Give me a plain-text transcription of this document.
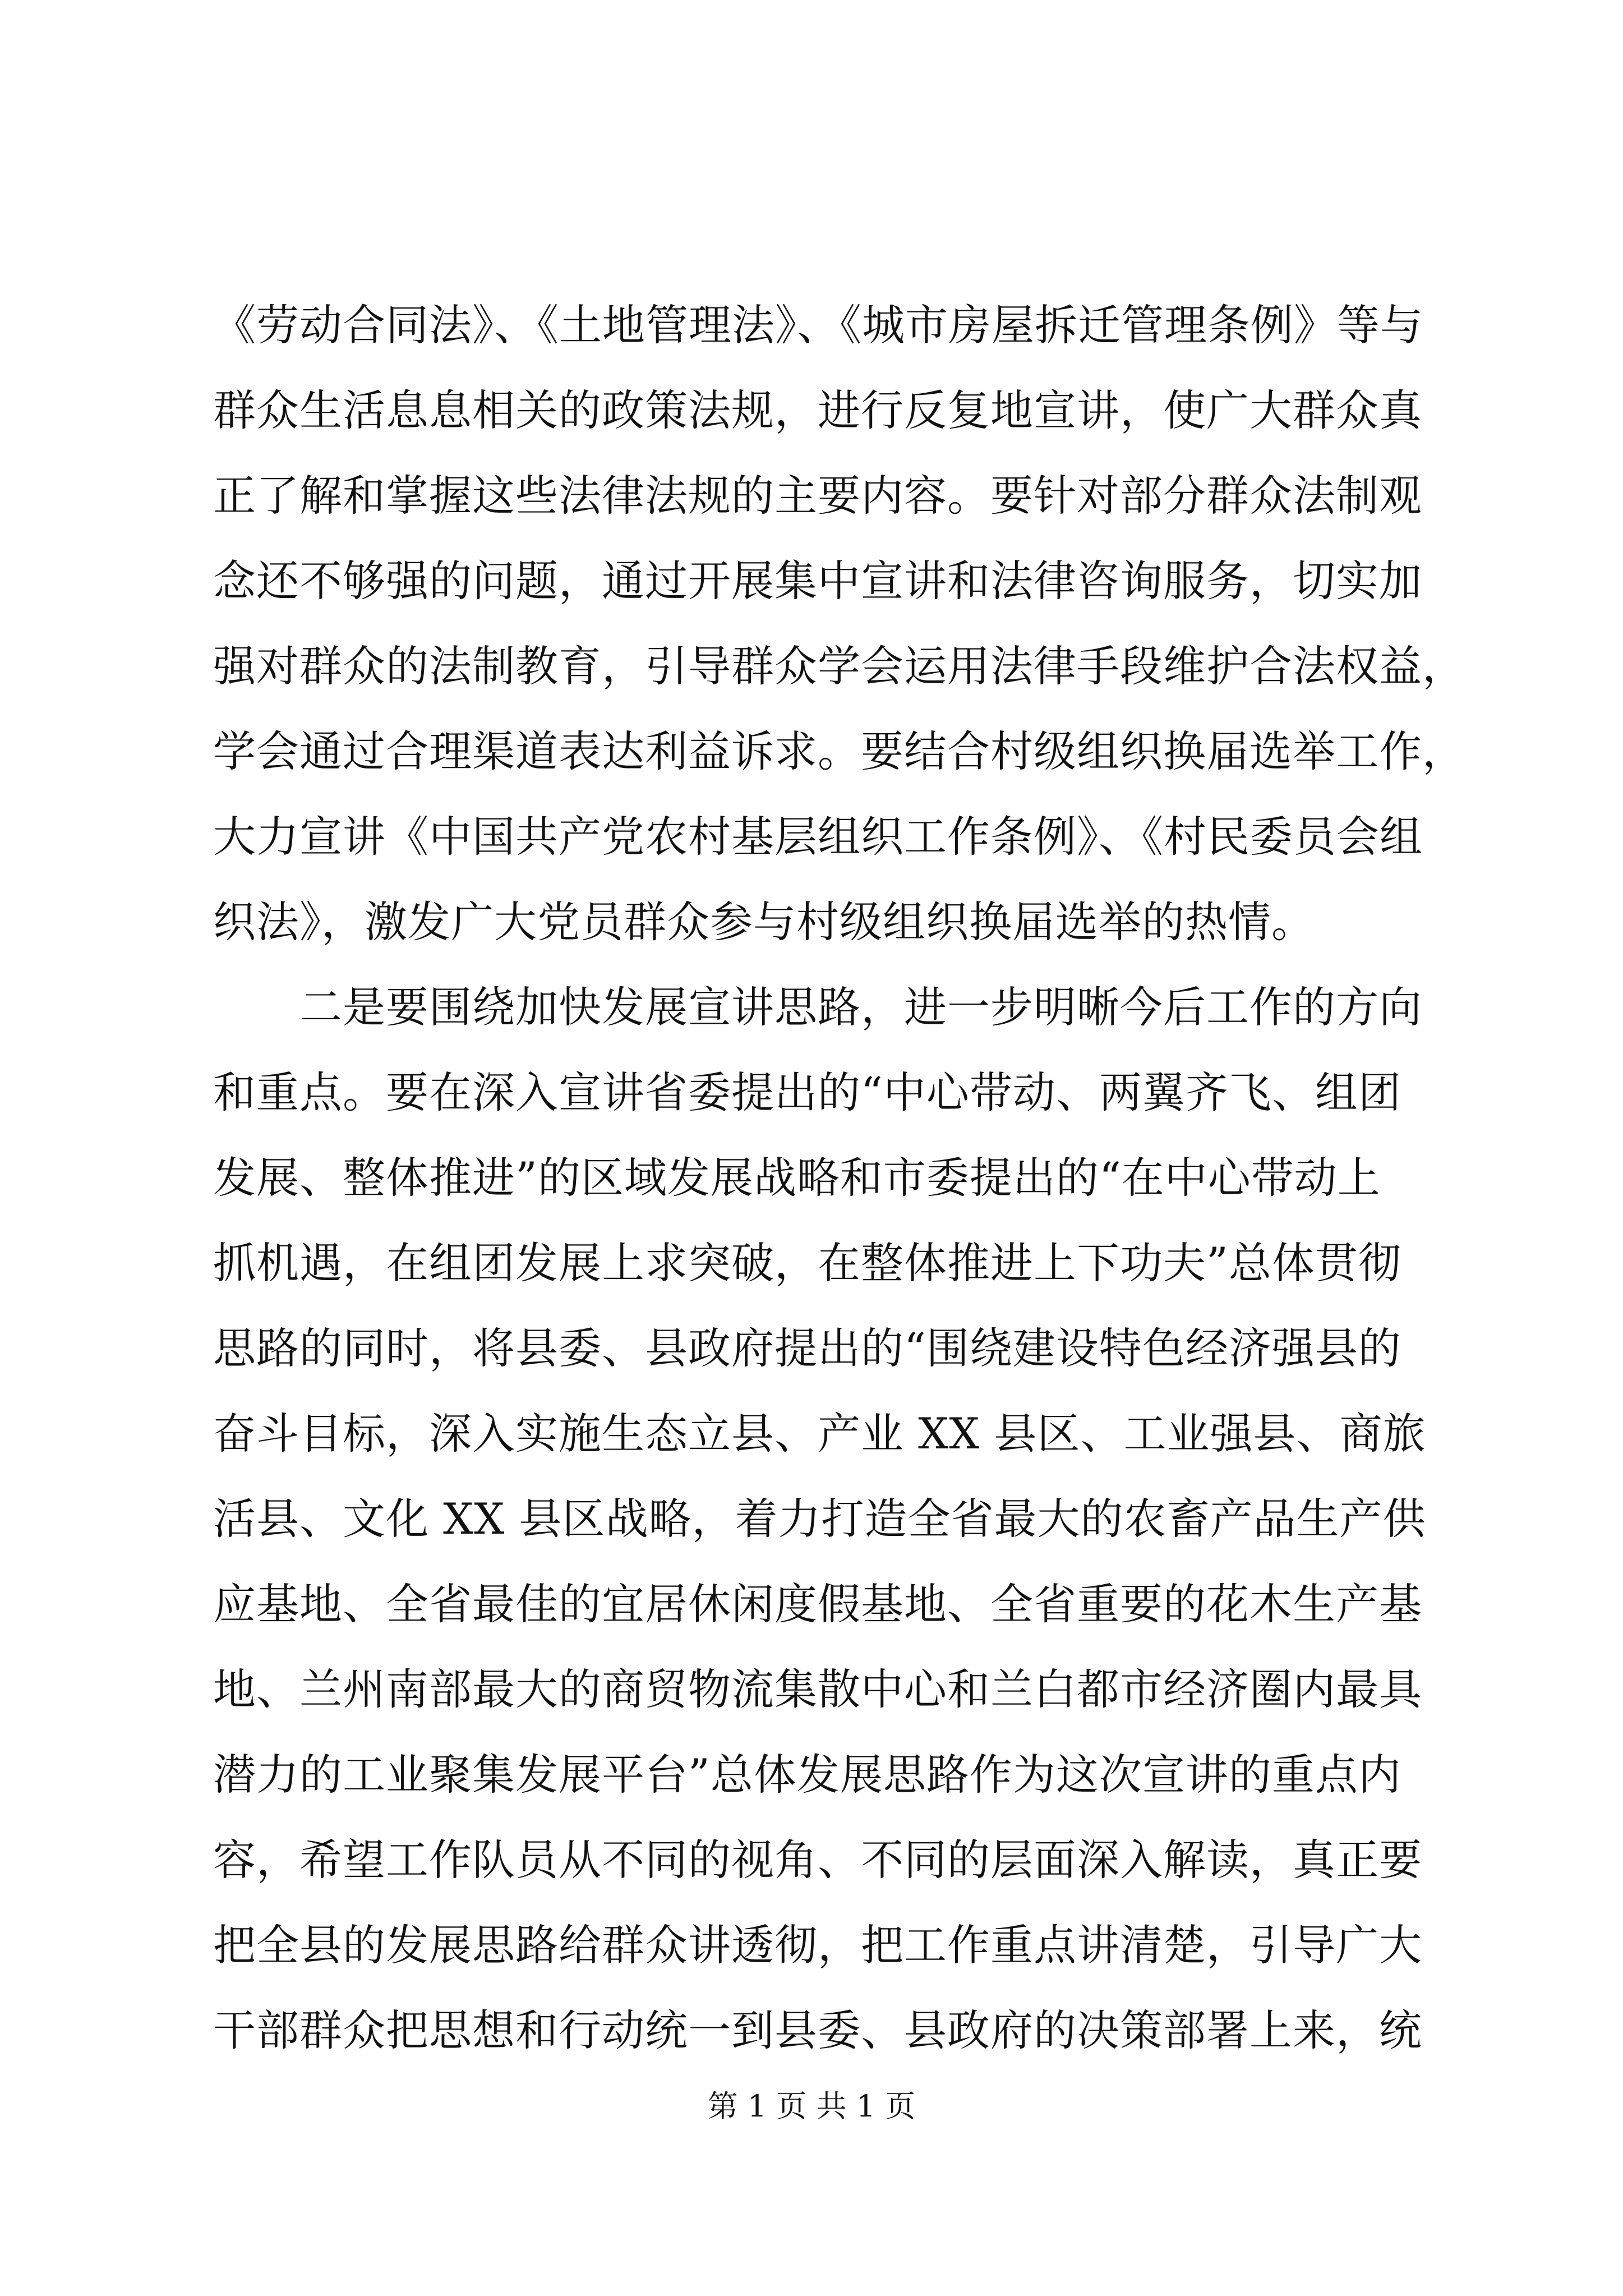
《劳动合同法》、《土地管理法》、《城市房屋拆迁管理条例》等与
群众生活息息相关的政策法规，进行反复地宣讲，使广大群众真
正了解和掌握这些法律法规的主要内容。要针对部分群众法制观
念还不够强的问题，通过开展集中宣讲和法律咨询服务，切实加
强对群众的法制教育，引导群众学会运用法律手段维护合法权益，
学会通过合理渠道表达利益诉求。要结合村级组织换届选举工作，
大力宣讲《中国共产党农村基层组织工作条例》、《村民委员会组
织法》，激发广大党员群众参与村级组织换届选举的热情。
　　二是要围绕加快发展宣讲思路，进一步明晰今后工作的方向
和重点。要在深入宣讲省委提出的“中心带动、两翼齐飞、组团
发展、整体推进”的区域发展战略和市委提出的“在中心带动上
抓机遇，在组团发展上求突破，在整体推进上下功夫”总体贯彻
思路的同时，将县委、县政府提出的“围绕建设特色经济强县的
奋斗目标，深入实施生态立县、产业 XX 县区、工业强县、商旅
活县、文化 XX 县区战略，着力打造全省最大的农畜产品生产供
应基地、全省最佳的宜居休闲度假基地、全省重要的花木生产基
地、兰州南部最大的商贸物流集散中心和兰白都市经济圈内最具
潜力的工业聚集发展平台”总体发展思路作为这次宣讲的重点内
容，希望工作队员从不同的视角、不同的层面深入解读，真正要
把全县的发展思路给群众讲透彻，把工作重点讲清楚，引导广大
干部群众把思想和行动统一到县委、县政府的决策部署上来，统
第 1 页 共 1 页
